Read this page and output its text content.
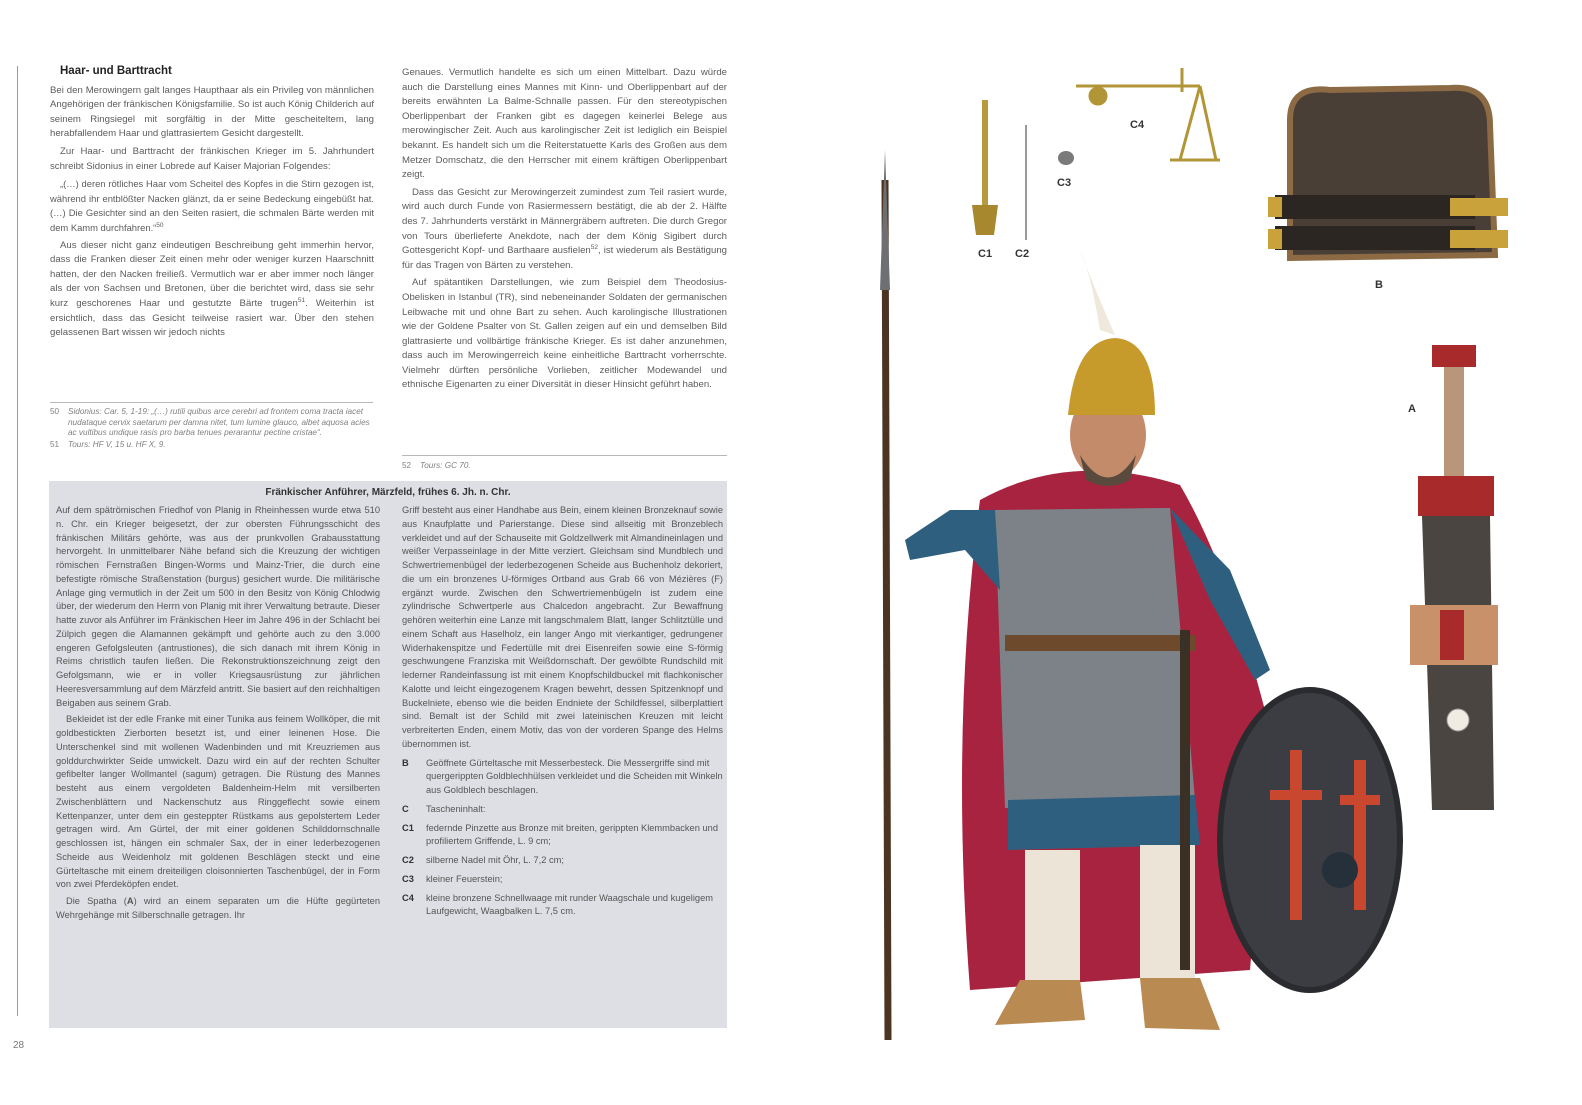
Haar- und Barttracht

Bei den Merowingern galt langes Haupthaar als ein Privileg von männlichen Angehörigen der fränkischen Königsfamilie. So ist auch König Childerich auf seinem Ringsiegel mit sorgfältig in der Mitte gescheiteltem, lang herabfallendem Haar und glattrasiertem Gesicht dargestellt.

Zur Haar- und Barttracht der fränkischen Krieger im 5. Jahrhundert schreibt Sidonius in einer Lobrede auf Kaiser Majorian Folgendes:

„(…) deren rötliches Haar vom Scheitel des Kopfes in die Stirn gezogen ist, während ihr entblößter Nacken glänzt, da er seine Bedeckung eingebüßt hat. (…) Die Gesichter sind an den Seiten rasiert, die schmalen Bärte werden mit dem Kamm durchfahren.“$^{50}$

Aus dieser nicht ganz eindeutigen Beschreibung geht immerhin hervor, dass die Franken dieser Zeit einen mehr oder weniger kurzen Haarschnitt hatten, der den Nacken freiließ. Vermutlich war er aber immer noch länger als der von Sachsen und Bretonen, über die berichtet wird, dass sie sehr kurz geschorenes Haar und gestutzte Bärte trugen$^{51}$. Weiterhin ist ersichtlich, dass das Gesicht teilweise rasiert war. Über den stehen gelassenen Bart wissen wir jedoch nichts

Genaues. Vermutlich handelte es sich um einen Mittelbart. Dazu würde auch die Darstellung eines Mannes mit Kinn- und Oberlippenbart auf der bereits erwähnten La Balme-Schnalle passen. Für den stereotypischen Oberlippenbart der Franken gibt es dagegen keinerlei Belege aus merowingischer Zeit. Auch aus karolingischer Zeit ist lediglich ein Beispiel bekannt. Es handelt sich um die Reiterstatuette Karls des Großen aus dem Metzer Domschatz, die den Herrscher mit einem kräftigen Oberlippenbart zeigt.

Dass das Gesicht zur Merowingerzeit zumindest zum Teil rasiert wurde, wird auch durch Funde von Rasiermessern bestätigt, die ab der 2. Hälfte des 7. Jahrhunderts verstärkt in Männergräbern auftreten. Die durch Gregor von Tours überlieferte Anekdote, nach der dem König Sigibert durch Gottesgericht Kopf- und Barthaare ausfielen$^{52}$, ist wiederum als Bestätigung für das Tragen von Bärten zu verstehen.

Auf spätantiken Darstellungen, wie zum Beispiel dem Theodosius-Obelisken in Istanbul (TR), sind nebeneinander Soldaten der germanischen Leibwache mit und ohne Bart zu sehen. Auch karolingische Illustrationen wie der Goldene Psalter von St. Gallen zeigen auf ein und demselben Bild glattrasierte und vollbärtige fränkische Krieger. Es ist daher anzunehmen, dass auch im Merowingerreich keine einheitliche Barttracht vorherrschte. Vielmehr dürften persönliche Vorlieben, zeitlicher Modewandel und ethnische Eigenarten zu einer Diversität in dieser Hinsicht geführt haben.

50	Sidonius: Car. 5, 1-19: „(…) rutili quibus arce cerebri ad frontem coma tracta iacet nudataque cervix saetarum per damna nitet, tum lumine glauco, albet aquosa acies ac vultibus undique rasis pro barba tenues perarantur pectine cristae“.
51	Tours: HF V, 15 u. HF X, 9.
52	Tours: GC 70.
Fränkischer Anführer, Märzfeld, frühes 6. Jh. n. Chr.

Auf dem spätrömischen Friedhof von Planig in Rheinhessen wurde etwa 510 n. Chr. ein Krieger beigesetzt, der zur obersten Führungsschicht des fränkischen Militärs gehörte, was aus der prunkvollen Grabausstattung hervorgeht. In unmittelbarer Nähe befand sich die Kreuzung der wichtigen römischen Fernstraßen Bingen-Worms und Mainz-Trier, die durch eine befestigte römische Straßenstation (burgus) gesichert wurde. Die militärische Anlage ging vermutlich in der Zeit um 500 in den Besitz von König Chlodwig über, der wiederum den Herrn von Planig mit ihrer Verwaltung betraute. Dieser hatte zuvor als Anführer im Fränkischen Heer im Jahre 496 in der Schlacht bei Zülpich gegen die Alamannen gekämpft und gehörte auch zu den 3.000 engeren Gefolgsleuten (antrustiones), die sich danach mit ihrem König in Reims christlich taufen ließen. Die Rekonstruktionszeichnung zeigt den Gefolgsmann, wie er in voller Kriegsausrüstung zur jährlichen Heeresversammlung auf dem Märzfeld antritt. Sie basiert auf den reichhaltigen Beigaben aus seinem Grab.

Bekleidet ist der edle Franke mit einer Tunika aus feinem Wollköper, die mit goldbestickten Zierborten besetzt ist, und einer leinenen Hose. Die Unterschenkel sind mit wollenen Wadenbinden und mit Kreuzriemen aus golddurchwirkter Seide umwickelt. Dazu wird ein auf der rechten Schulter gefibelter langer Wollmantel (sagum) getragen. Die Rüstung des Mannes besteht aus einem vergoldeten Baldenheim-Helm mit versilberten Zwischenblättern und Nackenschutz aus Ringgeflecht sowie einem Kettenpanzer, unter dem ein gesteppter Rüstkams aus gepolstertem Leder getragen wird. Am Gürtel, der mit einer goldenen Schilddornschnalle geschlossen ist, hängen ein schmaler Sax, der in einer lederbezogenen Scheide aus Weidenholz mit goldenen Beschlägen steckt und eine Gürteltasche mit einem dreiteiligen cloisonnierten Taschenbügel, der in Form von zwei Pferdeköpfen endet.

Die Spatha (A) wird an einem separaten um die Hüfte gegürteten Wehrgehänge mit Silberschnalle getragen. Ihr

Griff besteht aus einer Handhabe aus Bein, einem kleinen Bronzeknauf sowie aus Knaufplatte und Parierstange. Diese sind allseitig mit Bronzeblech verkleidet und auf der Schauseite mit Goldzellwerk mit Almandineinlagen und weißer Verpasseinlage in der Mitte verziert. Gleichsam sind Mundblech und Schwertriemenbügel der lederbezogenen Scheide aus Buchenholz dekoriert, die um ein bronzenes U-förmiges Ortband aus Grab 66 von Mézières (F) ergänzt wurde. Zwischen den Schwertriemenbügeln ist zudem eine zylindrische Schwertperle aus Chalcedon angebracht. Zur Bewaffnung gehören weiterhin eine Lanze mit langschmalem Blatt, langer Schlitztülle und einem Schaft aus Haselholz, ein langer Ango mit vierkantiger, gedrungener Widerhakenspitze und Federtülle mit drei Eisenreifen sowie eine S-förmig geschwungene Franziska mit Weißdornschaft. Der gewölbte Rundschild mit lederner Randeinfassung ist mit einem Knopfschildbuckel mit flachkonischer Kalotte und leicht eingezogenem Kragen bewehrt, dessen Spitzenknopf und Buckelniete, ebenso wie die beiden Endniete der Schildfessel, silberplattiert sind. Bemalt ist der Schild mit zwei lateinischen Kreuzen mit leicht verbreiterten Enden, einem Motiv, das von der vorderen Spange des Helms übernommen ist.

B	Geöffnete Gürteltasche mit Messerbesteck. Die Messergriffe sind mit quergerippten Goldblechhülsen verkleidet und die Scheiden mit Winkeln aus Goldblech beschlagen.
C	Tascheninhalt:
C1	federnde Pinzette aus Bronze mit breiten, gerippten Klemmbacken und profiliertem Griffende, L. 9 cm;
C2	silberne Nadel mit Öhr, L. 7,2 cm;
C3	kleiner Feuerstein;
C4	kleine bronzene Schnellwaage mit runder Waagschale und kugeligem Laufgewicht, Waagbalken L. 7,5 cm.
28
C1 C2
C3
C4
B
A
